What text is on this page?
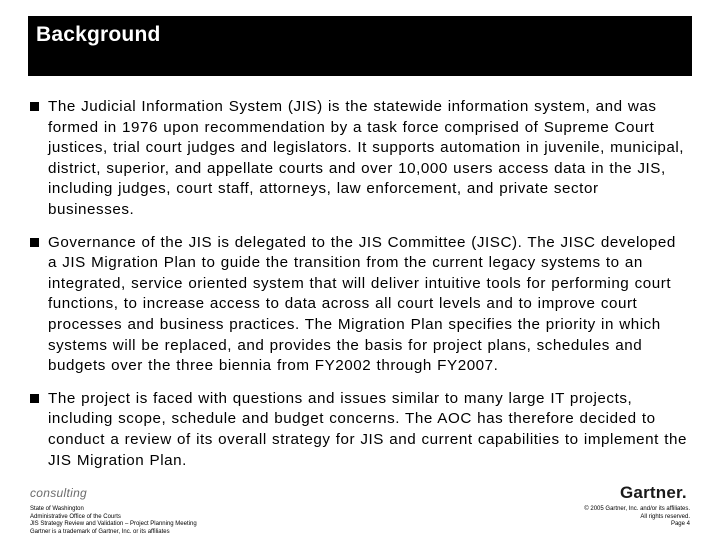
Background
The Judicial Information System (JIS) is the statewide information system, and was formed in 1976 upon recommendation by a task force comprised of Supreme Court justices, trial court judges and legislators. It supports automation in juvenile, municipal, district, superior, and appellate courts and over 10,000 users access data in the JIS, including judges, court staff, attorneys, law enforcement, and private sector businesses.
Governance of the JIS is delegated to the JIS Committee (JISC). The JISC developed a JIS Migration Plan to guide the transition from the current legacy systems to an integrated, service oriented system that will deliver intuitive tools for performing court functions, to increase access to data across all court levels and to improve court processes and business practices. The Migration Plan specifies the priority in which systems will be replaced, and provides the basis for project plans, schedules and budgets over the three biennia from FY2002 through FY2007.
The project is faced with questions and issues similar to many large IT projects, including scope, schedule and budget concerns. The AOC has therefore decided to conduct a review of its overall strategy for JIS and current capabilities to implement the JIS Migration Plan.
consulting	Gartner.
State of Washington
Administrative Office of the Courts
JIS Strategy Review and Validation – Project Planning Meeting
Gartner is a trademark of Gartner, Inc. or its affiliates
© 2005 Gartner, Inc. and/or its affiliates.
All rights reserved.
Page 4
